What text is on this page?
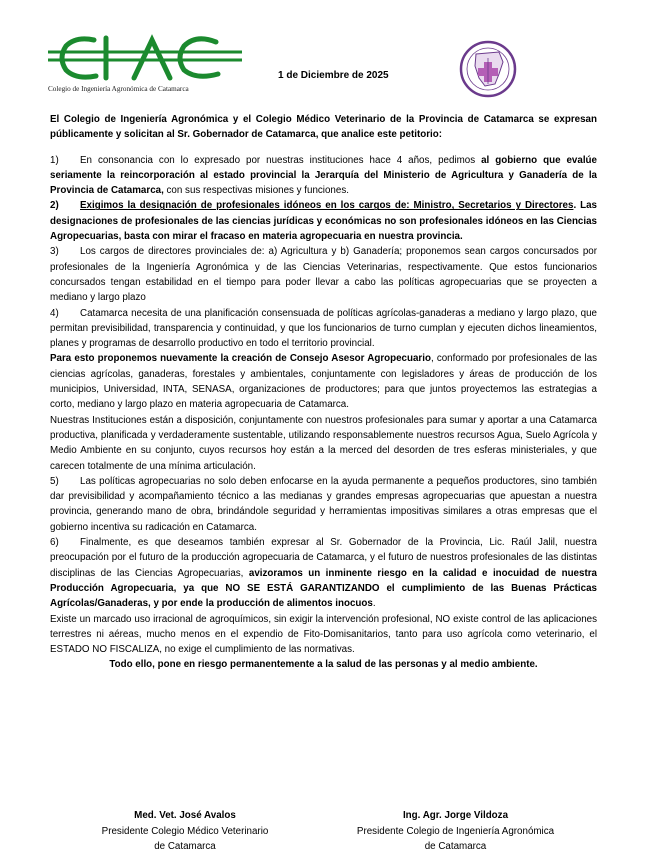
Colegio de Ingeniería Agronómica de Catamarca
1 de Diciembre de 2025

El Colegio de Ingeniería Agronómica y el Colegio Médico Veterinario de la Provincia de Catamarca se expresan públicamente y solicitan al Sr. Gobernador de Catamarca, que analice este petitorio:

1) En consonancia con lo expresado por nuestras instituciones hace 4 años, pedimos al gobierno que evalúe seriamente la reincorporación al estado provincial la Jerarquía del Ministerio de Agricultura y Ganadería de la Provincia de Catamarca, con sus respectivas misiones y funciones.

2) Exigimos la designación de profesionales idóneos en los cargos de: Ministro, Secretarios y Directores. Las designaciones de profesionales de las ciencias jurídicas y económicas no son profesionales idóneos en las Ciencias Agropecuarias, basta con mirar el fracaso en materia agropecuaria en nuestra provincia.

3) Los cargos de directores provinciales de: a) Agricultura y b) Ganadería; proponemos sean cargos concursados por profesionales de la Ingeniería Agronómica y de las Ciencias Veterinarias, respectivamente. Que estos funcionarios concursados tengan estabilidad en el tiempo para poder llevar a cabo las políticas agropecuarias que se proyecten a mediano y largo plazo

4) Catamarca necesita de una planificación consensuada de políticas agrícolas-ganaderas a mediano y largo plazo, que permitan previsibilidad, transparencia y continuidad, y que los funcionarios de turno cumplan y ejecuten dichos lineamientos, planes y programas de desarrollo productivo en todo el territorio provincial.

Para esto proponemos nuevamente la creación de Consejo Asesor Agropecuario, conformado por profesionales de las ciencias agrícolas, ganaderas, forestales y ambientales, conjuntamente con legisladores y áreas de producción de los municipios, Universidad, INTA, SENASA, organizaciones de productores; para que juntos proyectemos las estrategias a corto, mediano y largo plazo en materia agropecuaria de Catamarca.

Nuestras Instituciones están a disposición, conjuntamente con nuestros profesionales para sumar y aportar a una Catamarca productiva, planificada y verdaderamente sustentable, utilizando responsablemente nuestros recursos Agua, Suelo Agrícola y Medio Ambiente en su conjunto, cuyos recursos hoy están a la merced del desorden de tres esferas ministeriales, y que carecen totalmente de una mínima articulación.

5) Las políticas agropecuarias no solo deben enfocarse en la ayuda permanente a pequeños productores, sino también dar previsibilidad y acompañamiento técnico a las medianas y grandes empresas agropecuarias que apuestan a nuestra provincia, generando mano de obra, brindándole seguridad y herramientas impositivas similares a otras empresas que el gobierno incentiva su radicación en Catamarca.

6) Finalmente, es que deseamos también expresar al Sr. Gobernador de la Provincia, Lic. Raúl Jalil, nuestra preocupación por el futuro de la producción agropecuaria de Catamarca, y el futuro de nuestros profesionales de las distintas disciplinas de las Ciencias Agropecuarias, avizoramos un inminente riesgo en la calidad e inocuidad de nuestra Producción Agropecuaria, ya que NO SE ESTÁ GARANTIZANDO el cumplimiento de las Buenas Prácticas Agrícolas/Ganaderas, y por ende la producción de alimentos inocuos.

Existe un marcado uso irracional de agroquímicos, sin exigir la intervención profesional, NO existe control de las aplicaciones terrestres ni aéreas, mucho menos en el expendio de Fito-Domisanitarios, tanto para uso agrícola como veterinario, el ESTADO NO FISCALIZA, no exige el cumplimiento de las normativas.

Todo ello, pone en riesgo permanentemente a la salud de las personas y al medio ambiente.

Med. Vet. José Avalos
Presidente Colegio Médico Veterinario
de Catamarca
Ing. Agr. Jorge Vildoza
Presidente Colegio de Ingeniería Agronómica
de Catamarca
